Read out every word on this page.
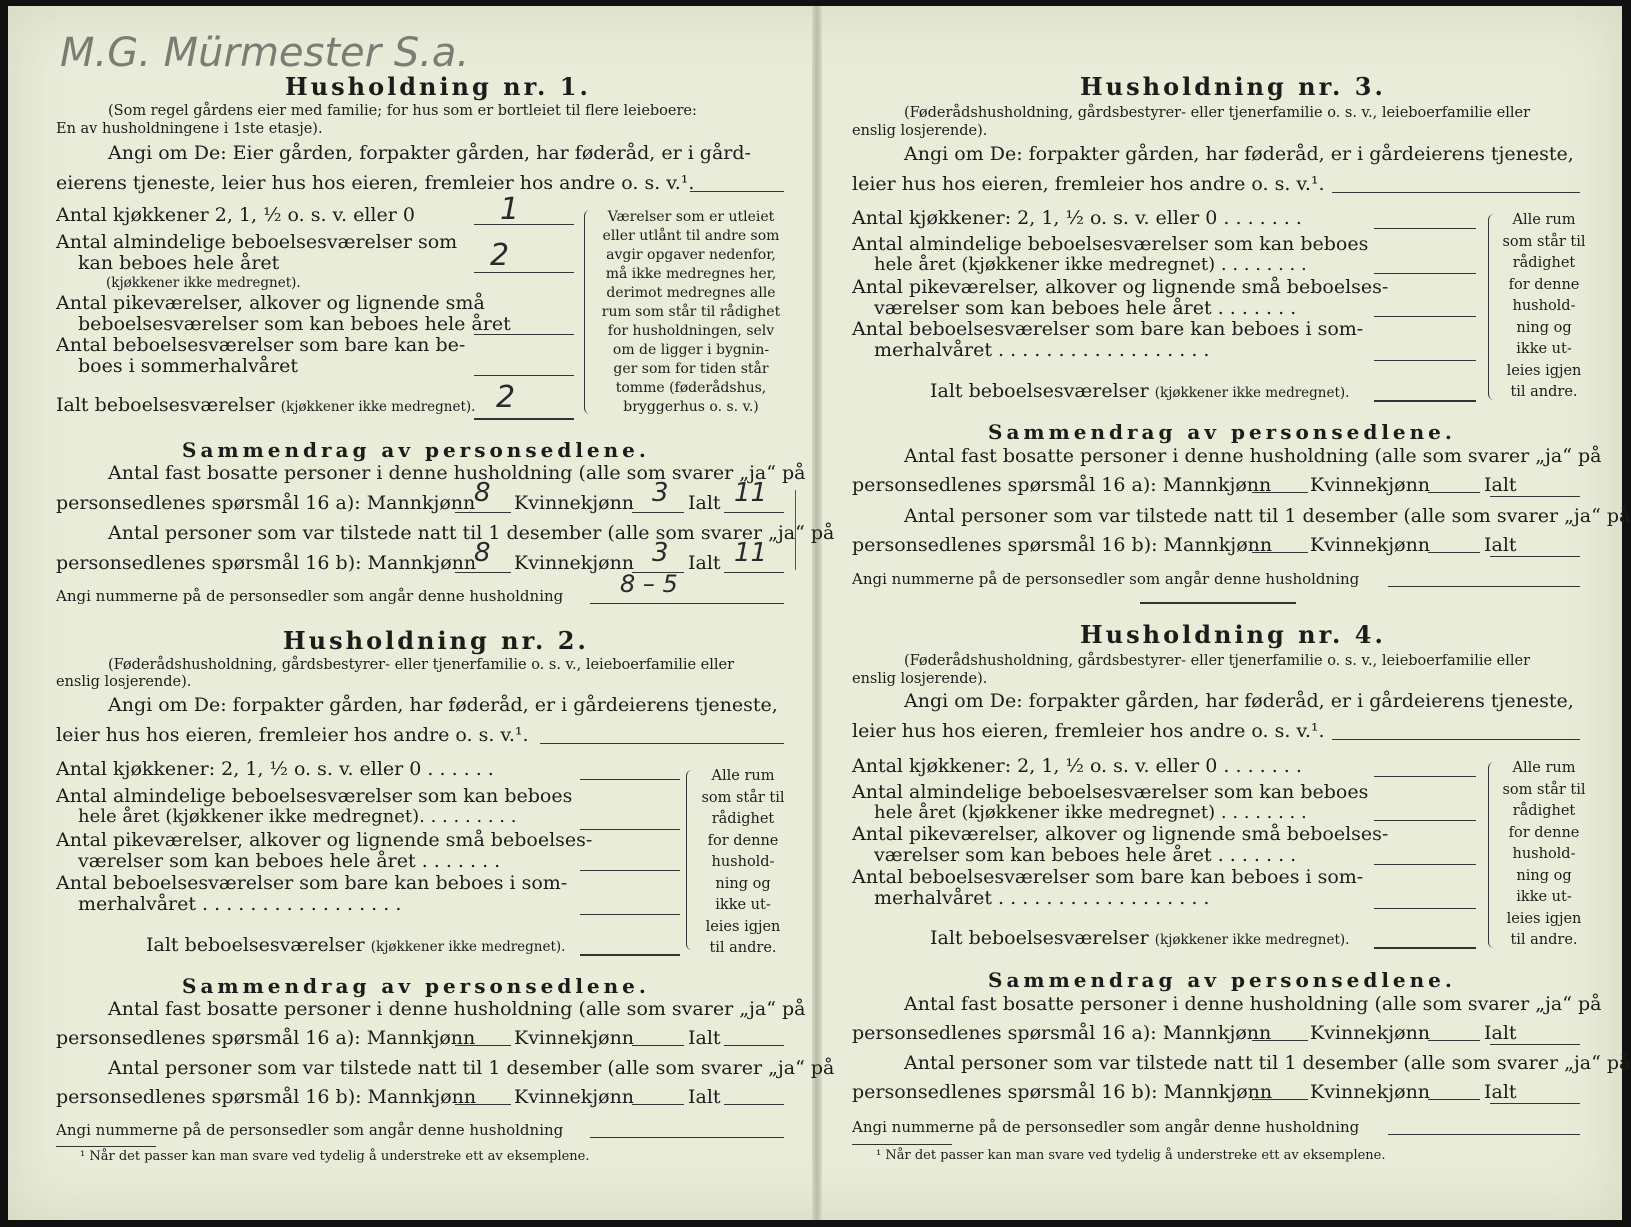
M.G. Mürmester S.a.
Husholdning nr. 1.
(Som regel gårdens eier med familie; for hus som er bortleiet til flere leieboere:
En av husholdningene i 1ste etasje).
Angi om De: Eier gården, forpakter gården, har føderåd, er i gård-
eierens tjeneste, leier hus hos eieren, fremleier hos andre o. s. v.¹.
Antal kjøkkener 2, 1, ½ o. s. v. eller 0	1
Antal almindelige beboelsesværelser som
kan beboes hele året	2
(kjøkkener ikke medregnet).
Antal pikeværelser, alkover og lignende små
beboelsesværelser som kan beboes hele året
Antal beboelsesværelser som bare kan be-
boes i sommerhalvåret
Ialt beboelsesværelser (kjøkkener ikke medregnet). 2
Værelser som er utleiet
eller utlånt til andre som
avgir opgaver nedenfor,
må ikke medregnes her,
derimot medregnes alle
rum som står til rådighet
for husholdningen, selv
om de ligger i bygnin-
ger som for tiden står
tomme (føderådshus,
bryggerhus o. s. v.)
Sammendrag av personsedlene.
Antal fast bosatte personer i denne husholdning (alle som svarer „ja“ på
personsedlenes spørsmål 16 a): Mannkjønn
8 Kvinnekjønn 3 Ialt 11
Antal personer som var tilstede natt til 1 desember (alle som svarer „ja“ på
personsedlenes spørsmål 16 b): Mannkjønn
8 Kvinnekjønn 3 Ialt 11
Angi nummerne på de personsedler som angår denne husholdning 8 – 5
Husholdning nr. 2.
(Føderådshusholdning, gårdsbestyrer- eller tjenerfamilie o. s. v., leieboerfamilie eller
enslig losjerende).
Angi om De: forpakter gården, har føderåd, er i gårdeierens tjeneste,
leier hus hos eieren, fremleier hos andre o. s. v.¹.
Antal kjøkkener: 2, 1, ½ o. s. v. eller 0 . . . . . .
Antal almindelige beboelsesværelser som kan beboes
hele året (kjøkkener ikke medregnet). . . . . . . . .
Antal pikeværelser, alkover og lignende små beboelses-
værelser som kan beboes hele året . . . . . . .
Antal beboelsesværelser som bare kan beboes i som-
merhalvåret . . . . . . . . . . . . . . . . .
Ialt beboelsesværelser (kjøkkener ikke medregnet).
Alle rum
som står til
rådighet
for denne
hushold-
ning og
ikke ut-
leies igjen
til andre.
Sammendrag av personsedlene.
Antal fast bosatte personer i denne husholdning (alle som svarer „ja“ på
personsedlenes spørsmål 16 a): Mannkjønn Kvinnekjønn	Ialt
Antal personer som var tilstede natt til 1 desember (alle som svarer „ja“ på
personsedlenes spørsmål 16 b): Mannkjønn Kvinnekjønn	Ialt
Angi nummerne på de personsedler som angår denne husholdning
¹ Når det passer kan man svare ved tydelig å understreke ett av eksemplene.
Husholdning nr. 3.
(Føderådshusholdning, gårdsbestyrer- eller tjenerfamilie o. s. v., leieboerfamilie eller
enslig losjerende).
Angi om De: forpakter gården, har føderåd, er i gårdeierens tjeneste,
leier hus hos eieren, fremleier hos andre o. s. v.¹.
Antal kjøkkener: 2, 1, ½ o. s. v. eller 0 . . . . . . .
Antal almindelige beboelsesværelser som kan beboes
hele året (kjøkkener ikke medregnet) . . . . . . . .
Antal pikeværelser, alkover og lignende små beboelses-
værelser som kan beboes hele året . . . . . . .
Antal beboelsesværelser som bare kan beboes i som-
merhalvåret . . . . . . . . . . . . . . . . . .
Ialt beboelsesværelser (kjøkkener ikke medregnet).
Alle rum
som står til
rådighet
for denne
hushold-
ning og
ikke ut-
leies igjen
til andre.
Sammendrag av personsedlene.
Antal fast bosatte personer i denne husholdning (alle som svarer „ja“ på
personsedlenes spørsmål 16 a): Mannkjønn Kvinnekjønn	Ialt
Antal personer som var tilstede natt til 1 desember (alle som svarer „ja“ på
personsedlenes spørsmål 16 b): Mannkjønn Kvinnekjønn	Ialt
Angi nummerne på de personsedler som angår denne husholdning
Husholdning nr. 4.
(Føderådshusholdning, gårdsbestyrer- eller tjenerfamilie o. s. v., leieboerfamilie eller
enslig losjerende).
Angi om De: forpakter gården, har føderåd, er i gårdeierens tjeneste,
leier hus hos eieren, fremleier hos andre o. s. v.¹.
Antal kjøkkener: 2, 1, ½ o. s. v. eller 0 . . . . . . .
Antal almindelige beboelsesværelser som kan beboes
hele året (kjøkkener ikke medregnet) . . . . . . . .
Antal pikeværelser, alkover og lignende små beboelses-
værelser som kan beboes hele året . . . . . . .
Antal beboelsesværelser som bare kan beboes i som-
merhalvåret . . . . . . . . . . . . . . . . . .
Ialt beboelsesværelser (kjøkkener ikke medregnet).
Alle rum
som står til
rådighet
for denne
hushold-
ning og
ikke ut-
leies igjen
til andre.
Sammendrag av personsedlene.
Antal fast bosatte personer i denne husholdning (alle som svarer „ja“ på
personsedlenes spørsmål 16 a): Mannkjønn Kvinnekjønn	Ialt
Antal personer som var tilstede natt til 1 desember (alle som svarer „ja“ på
personsedlenes spørsmål 16 b): Mannkjønn Kvinnekjønn	Ialt
Angi nummerne på de personsedler som angår denne husholdning
¹ Når det passer kan man svare ved tydelig å understreke ett av eksemplene.
